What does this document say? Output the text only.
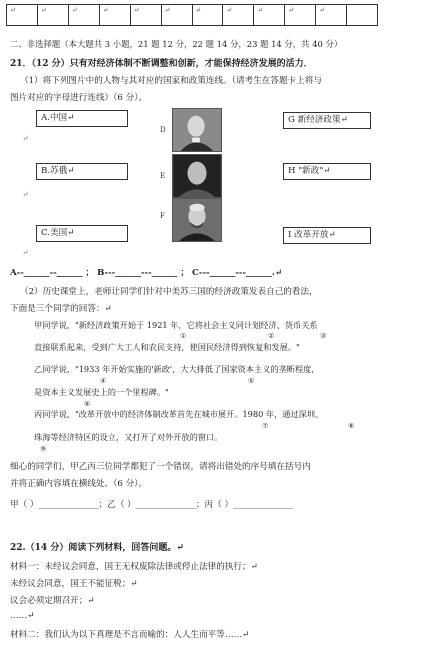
↵	↵	↵	↵	↵	↵	↵	↵	↵	↵	↵
二、非选择题（本大题共 3 小题，21 题 12 分，22 题 14 分，23 题 14 分，共 40 分）
21．（12 分）只有对经济体制不断调整和创新，才能保持经济发展的活力．
（1）将下列图片中的人物与其对应的国家和政策连线。（请考生在答题卡上将与
图片对应的字母进行连线）（6 分）。
A.中国↵
B.苏俄↵
C.美国↵
G 新经济政策↵
H "新政"↵
I 改革开放↵
D
E
F
↵
↵
↵
A--______--______ ； B---______---______ ； C---______---______.↵
（2）历史课堂上，老师让同学们针对中美苏三国的经济政策发表自己的看法，
下面是三个同学的回答：↵
甲同学说，"新经济政策开始于 1921 年，它将社会主义同计划经济、货币关系
①	②	③
直接联系起来，受到广大工人和农民支持，使国民经济得到恢复和发展。"
乙同学说，"1933 年开始实施的'新政'，大大排低了国家资本主义的垄断程度，
④	⑤
是资本主义发展史上的一个里程碑。"
⑥
丙同学说，"改革开放中的经济体制改革首先在城市展开。1980 年，通过深圳、
⑦	⑧
珠海等经济特区的设立，又打开了对外开放的窗口。
⑨
细心的同学们，甲乙丙三位同学都犯了一个错误，请将出错处的序号填在括号内
并将正确内容填在横线处。（6 分）。
甲（ ）______________；乙（ ）______________；丙（ ）______________
22.（14 分）阅读下列材料，回答问题。↵
材料一：未经议会同意，国王无权废除法律或停止法律的执行；↵
未经议会同意，国王不能征税；↵
议会必须定期召开；↵
……↵
材料二：我们认为以下真理是不言而喻的：人人生而平等……↵
